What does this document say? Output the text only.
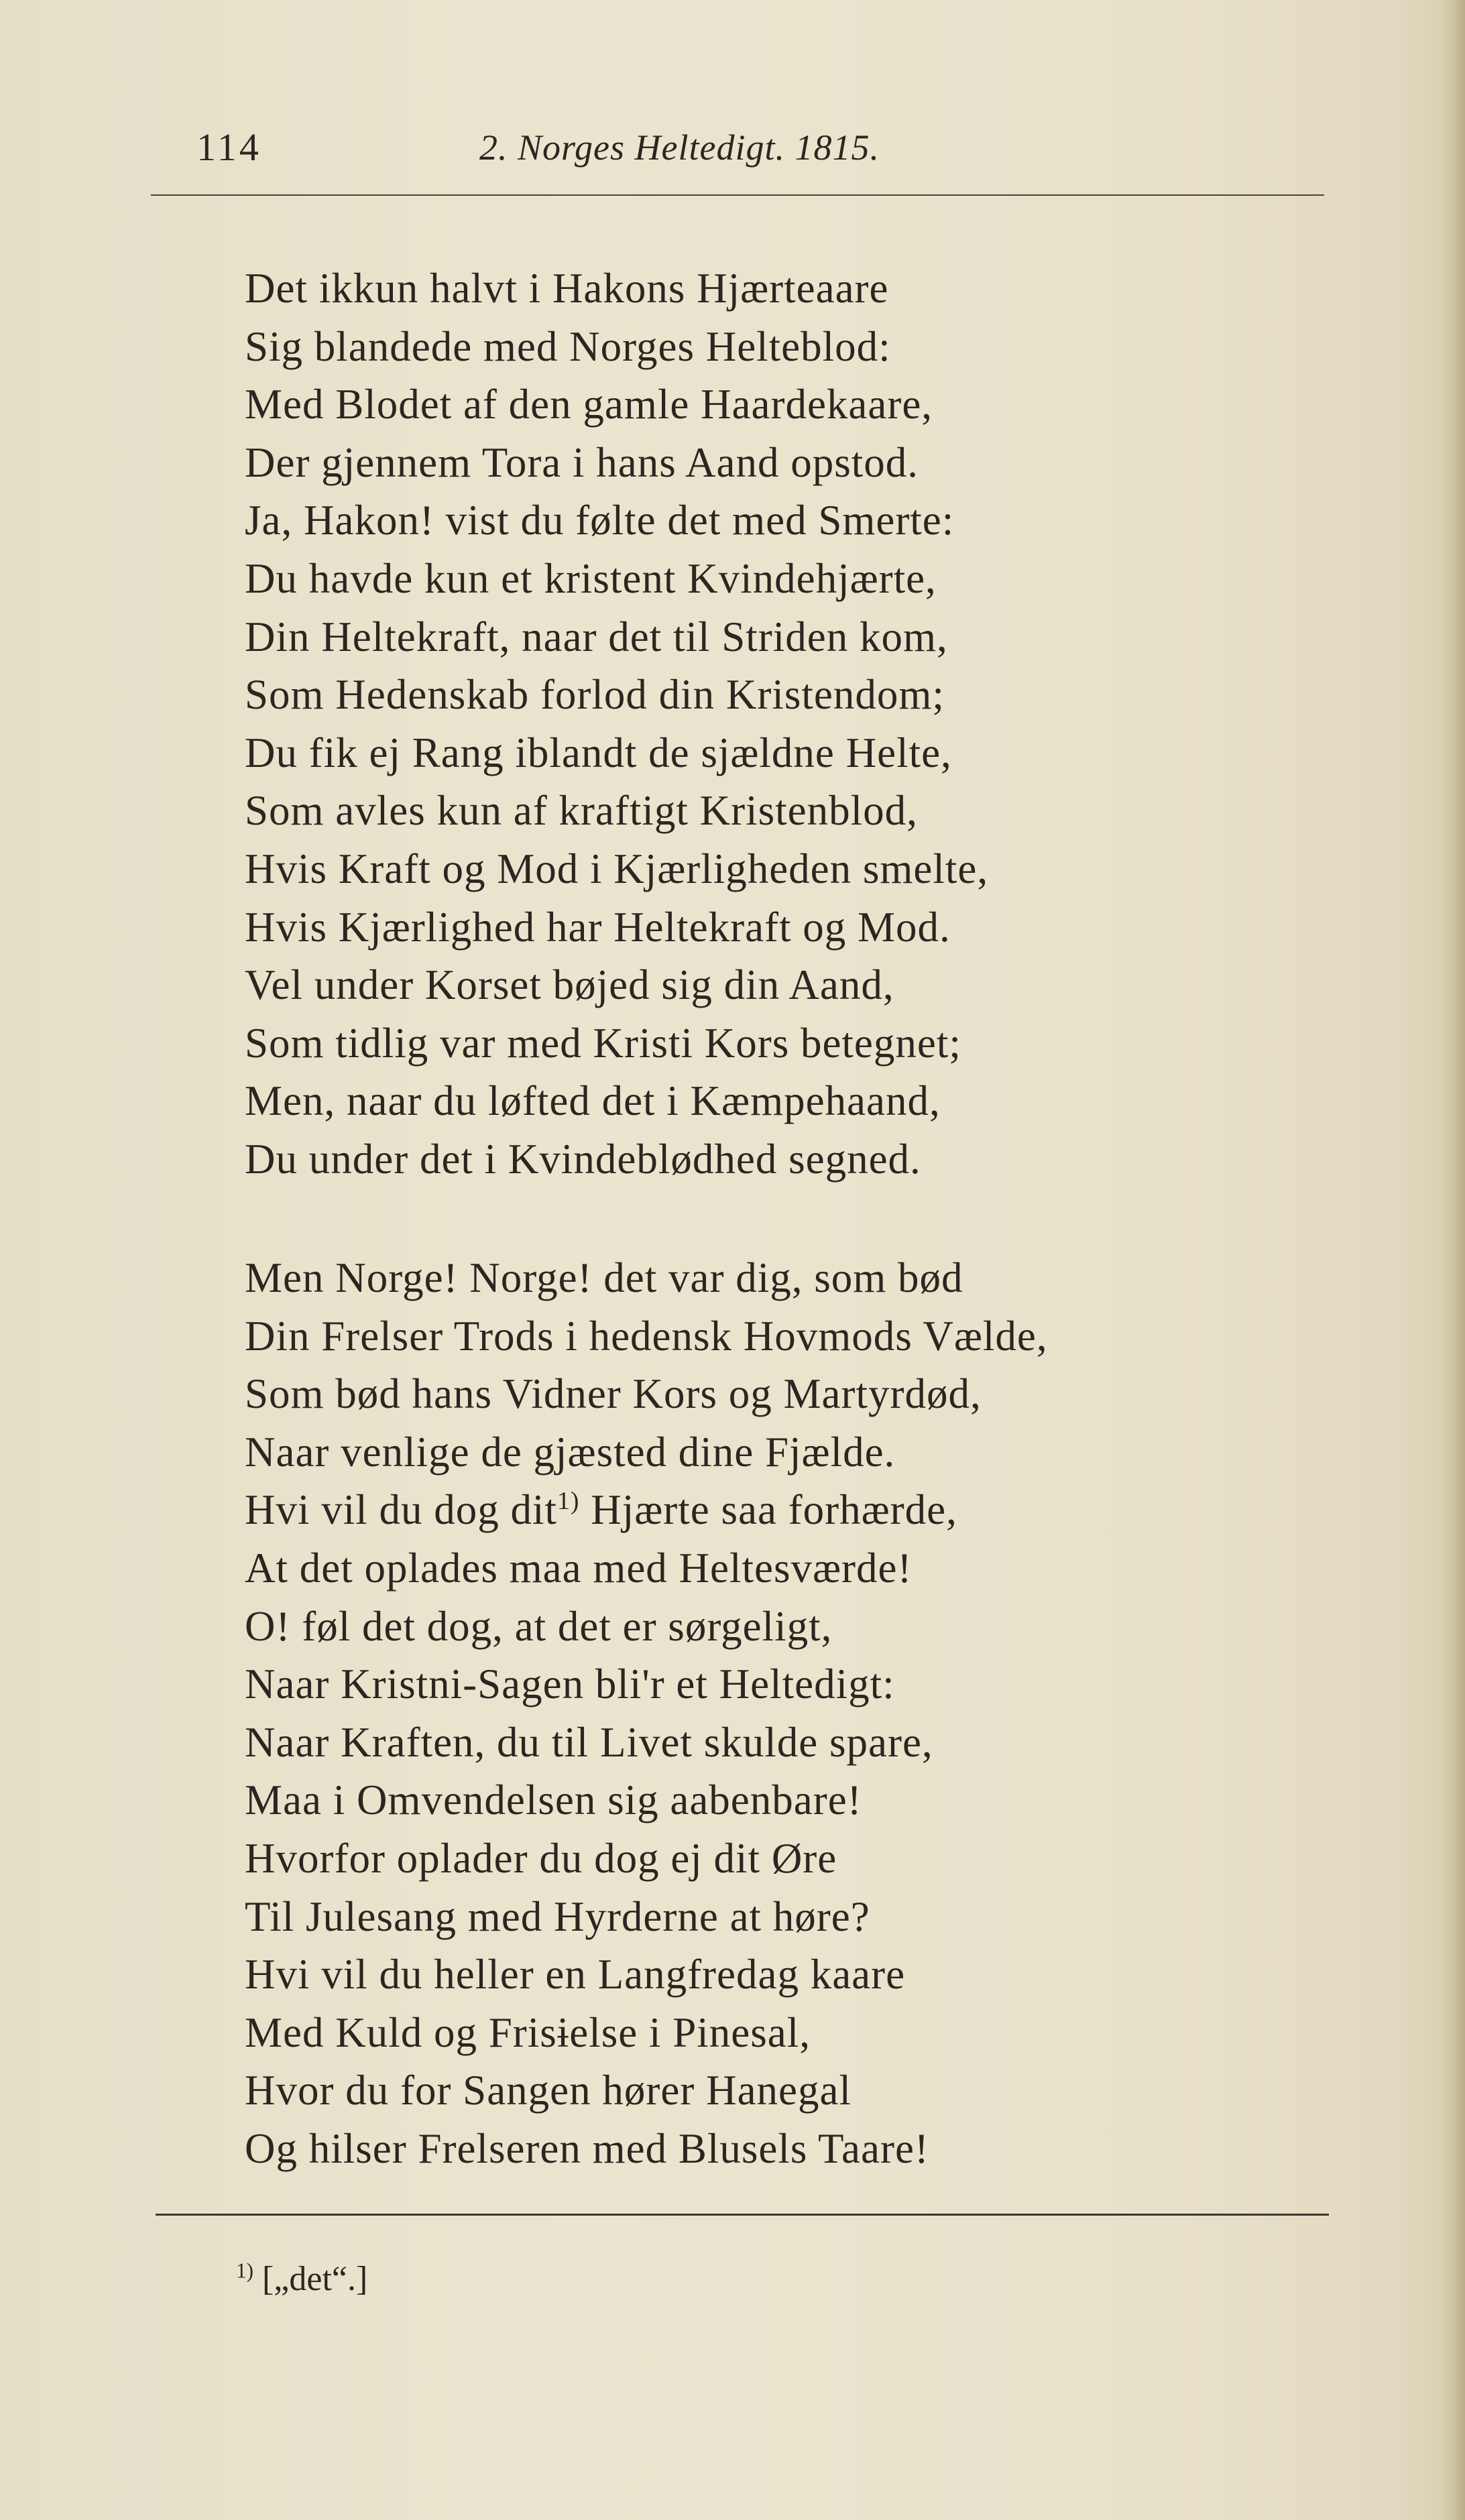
114	2. Norges Heltedigt. 1815.
Det ikkun halvt i Hakons Hjærteaare
Sig blandede med Norges Helteblod:
Med Blodet af den gamle Haardekaare,
Der gjennem Tora i hans Aand opstod.
Ja, Hakon! vist du følte det med Smerte:
Du havde kun et kristent Kvindehjærte,
Din Heltekraft, naar det til Striden kom,
Som Hedenskab forlod din Kristendom;
Du fik ej Rang iblandt de sjældne Helte,
Som avles kun af kraftigt Kristenblod,
Hvis Kraft og Mod i Kjærligheden smelte,
Hvis Kjærlighed har Heltekraft og Mod.
Vel under Korset bøjed sig din Aand,
Som tidlig var med Kristi Kors betegnet;
Men, naar du løfted det i Kæmpehaand,
Du under det i Kvindeblødhed segned.
Men Norge! Norge! det var dig, som bød
Din Frelser Trods i hedensk Hovmods Vælde,
Som bød hans Vidner Kors og Martyrdød,
Naar venlige de gjæsted dine Fjælde.
Hvi vil du dog dit$^{1)}$ Hjærte saa forhærde,
At det oplades maa med Heltesværde!
O! føl det dog, at det er sørgeligt,
Naar Kristni-Sagen bli'r et Heltedigt:
Naar Kraften, du til Livet skulde spare,
Maa i Omvendelsen sig aabenbare!
Hvorfor oplader du dog ej dit Øre
Til Julesang med Hyrderne at høre?
Hvi vil du heller en Langfredag kaare
Med Kuld og Frisɨelse i Pinesal,
Hvor du for Sangen hører Hanegal
Og hilser Frelseren med Blusels Taare!
$^{1)}$ [„det“.]
